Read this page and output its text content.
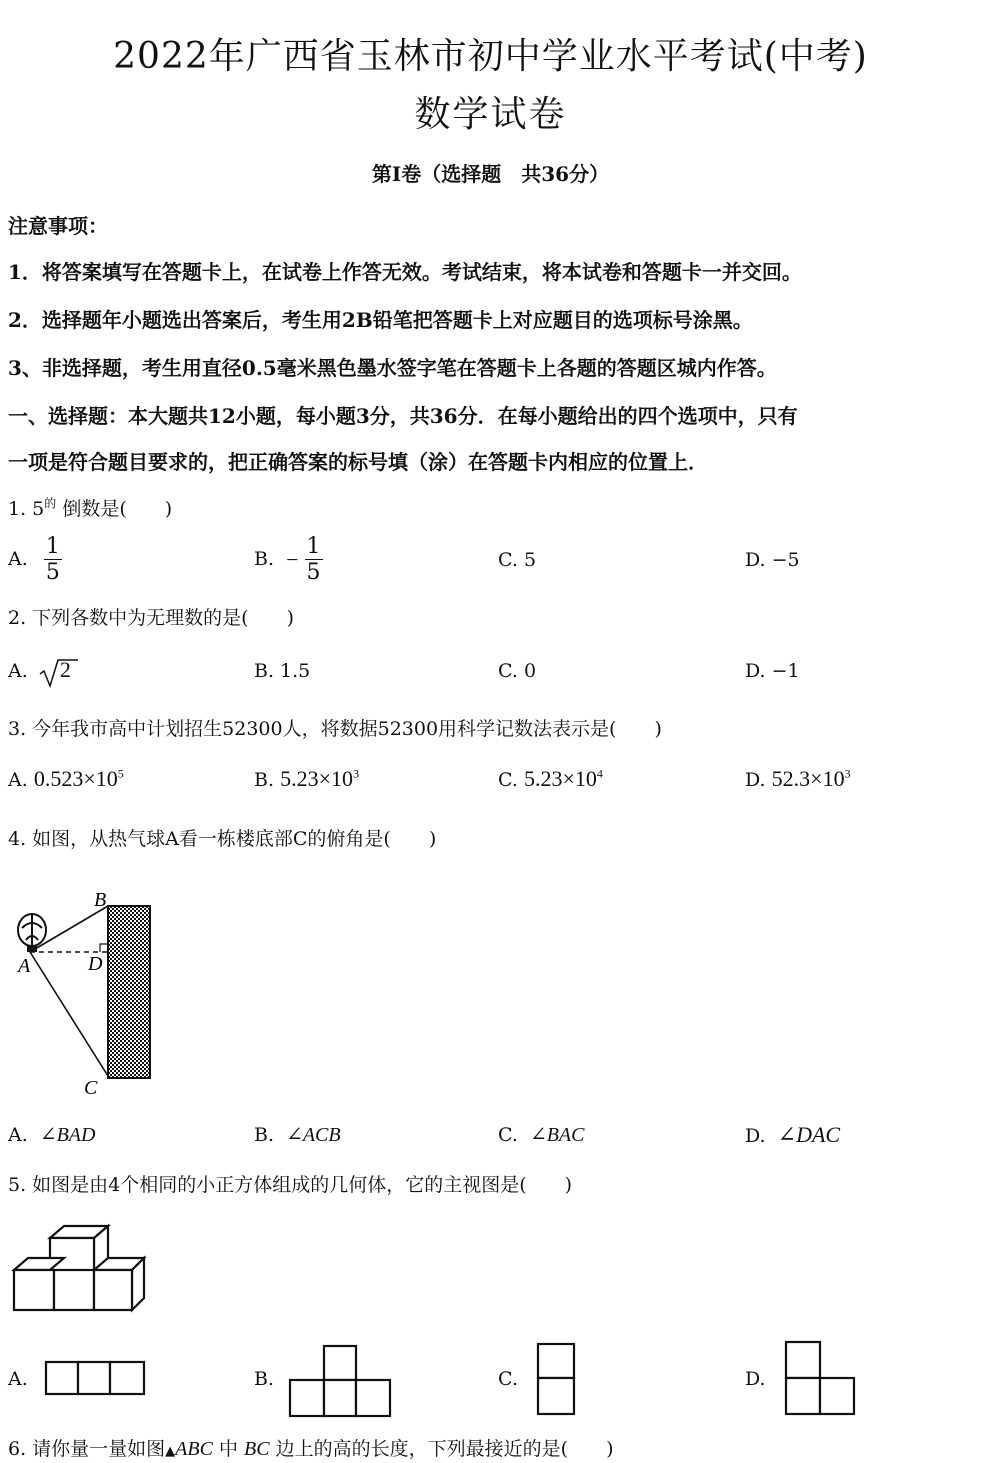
2022年广西省玉林市初中学业水平考试(中考)
数学试卷
第I卷（选择题　共36分）
注意事项：
1．将答案填写在答题卡上，在试卷上作答无效。考试结束，将本试卷和答题卡一并交回。
2．选择题年小题选出答案后，考生用2B铅笔把答题卡上对应题目的选项标号涂黑。
3、非选择题，考生用直径0.5毫米黑色墨水签字笔在答题卡上各题的答题区城内作答。
一、选择题：本大题共12小题，每小题3分，共36分．在每小题给出的四个选项中，只有
一项是符合题目要求的，把正确答案的标号填（涂）在答题卡内相应的位置上．
1. $5^的$ 倒数是(　　)
A. $\frac{1}{5}$	B. − $\frac{1}{5}$	C. 5	D. −5
2. 下列各数中为无理数的是(　　)
A. 2	B. 1.5	C. 0	D. −1
3. 今年我市高中计划招生52300人，将数据52300用科学记数法表示是(　　)
A. $0.523\times 10^5$	B. $5.23\times 10^3$	C. $5.23\times 10^4$	D. $52.3\times 10^3$
4. 如图，从热气球A看一栋楼底部C的俯角是(　　)
B
A	D
C
A. ∠BAD	B. ∠ACB	C. ∠BAC	D. ∠DAC
5. 如图是由4个相同的小正方体组成的几何体，它的主视图是(　　)
A.	B.	C.	D.
6. 请你量一量如图▲ABC 中 BC 边上的高的长度，下列最接近的是(　　)
